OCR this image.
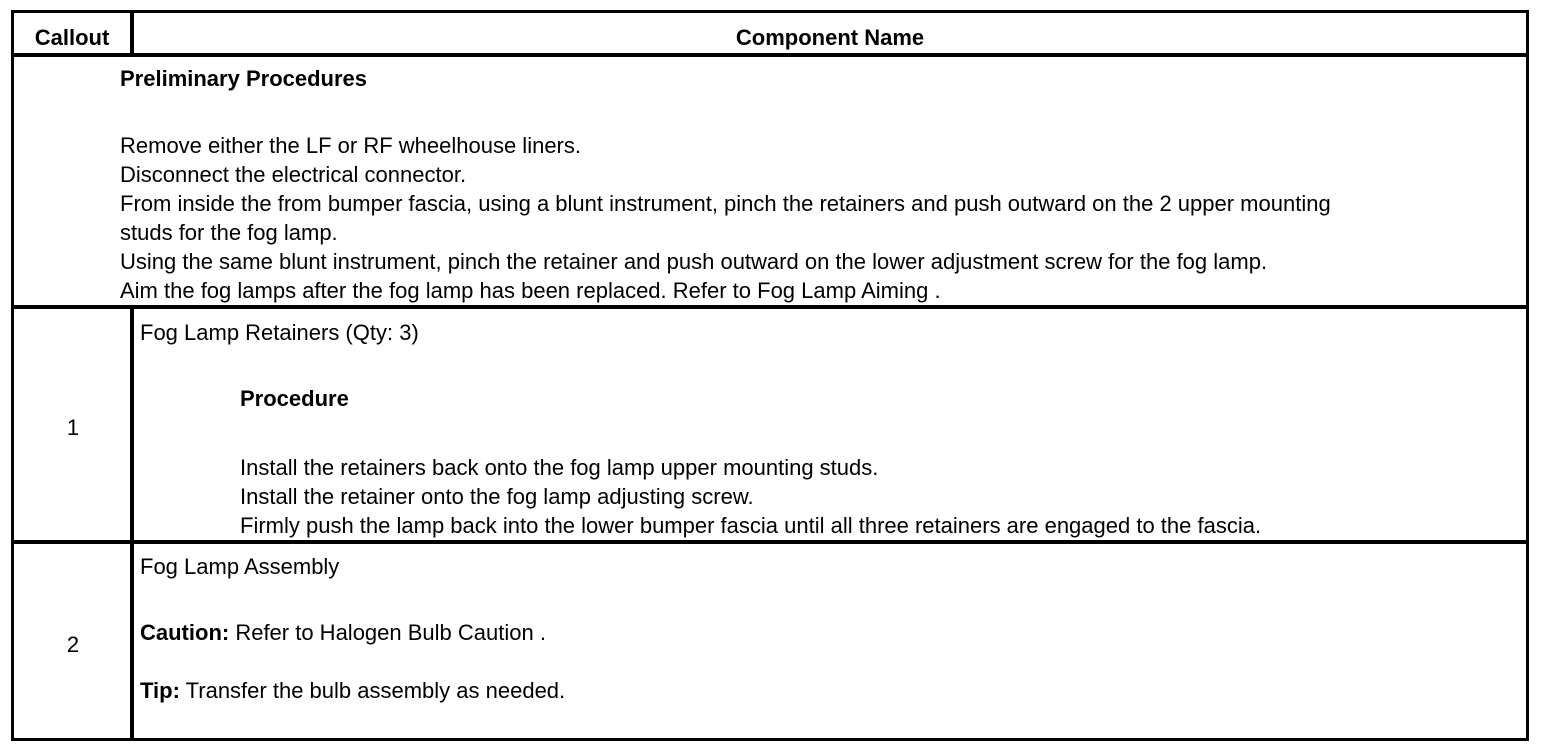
Callout	Component Name
Preliminary Procedures
Remove either the LF or RF wheelhouse liners.
Disconnect the electrical connector.
From inside the from bumper fascia, using a blunt instrument, pinch the retainers and push outward on the 2 upper mounting
studs for the fog lamp.
Using the same blunt instrument, pinch the retainer and push outward on the lower adjustment screw for the fog lamp.
Aim the fog lamps after the fog lamp has been replaced. Refer to Fog Lamp Aiming .
1
Fog Lamp Retainers (Qty: 3)
Procedure
Install the retainers back onto the fog lamp upper mounting studs.
Install the retainer onto the fog lamp adjusting screw.
Firmly push the lamp back into the lower bumper fascia until all three retainers are engaged to the fascia.
2
Fog Lamp Assembly
Caution: Refer to Halogen Bulb Caution .
Tip: Transfer the bulb assembly as needed.
